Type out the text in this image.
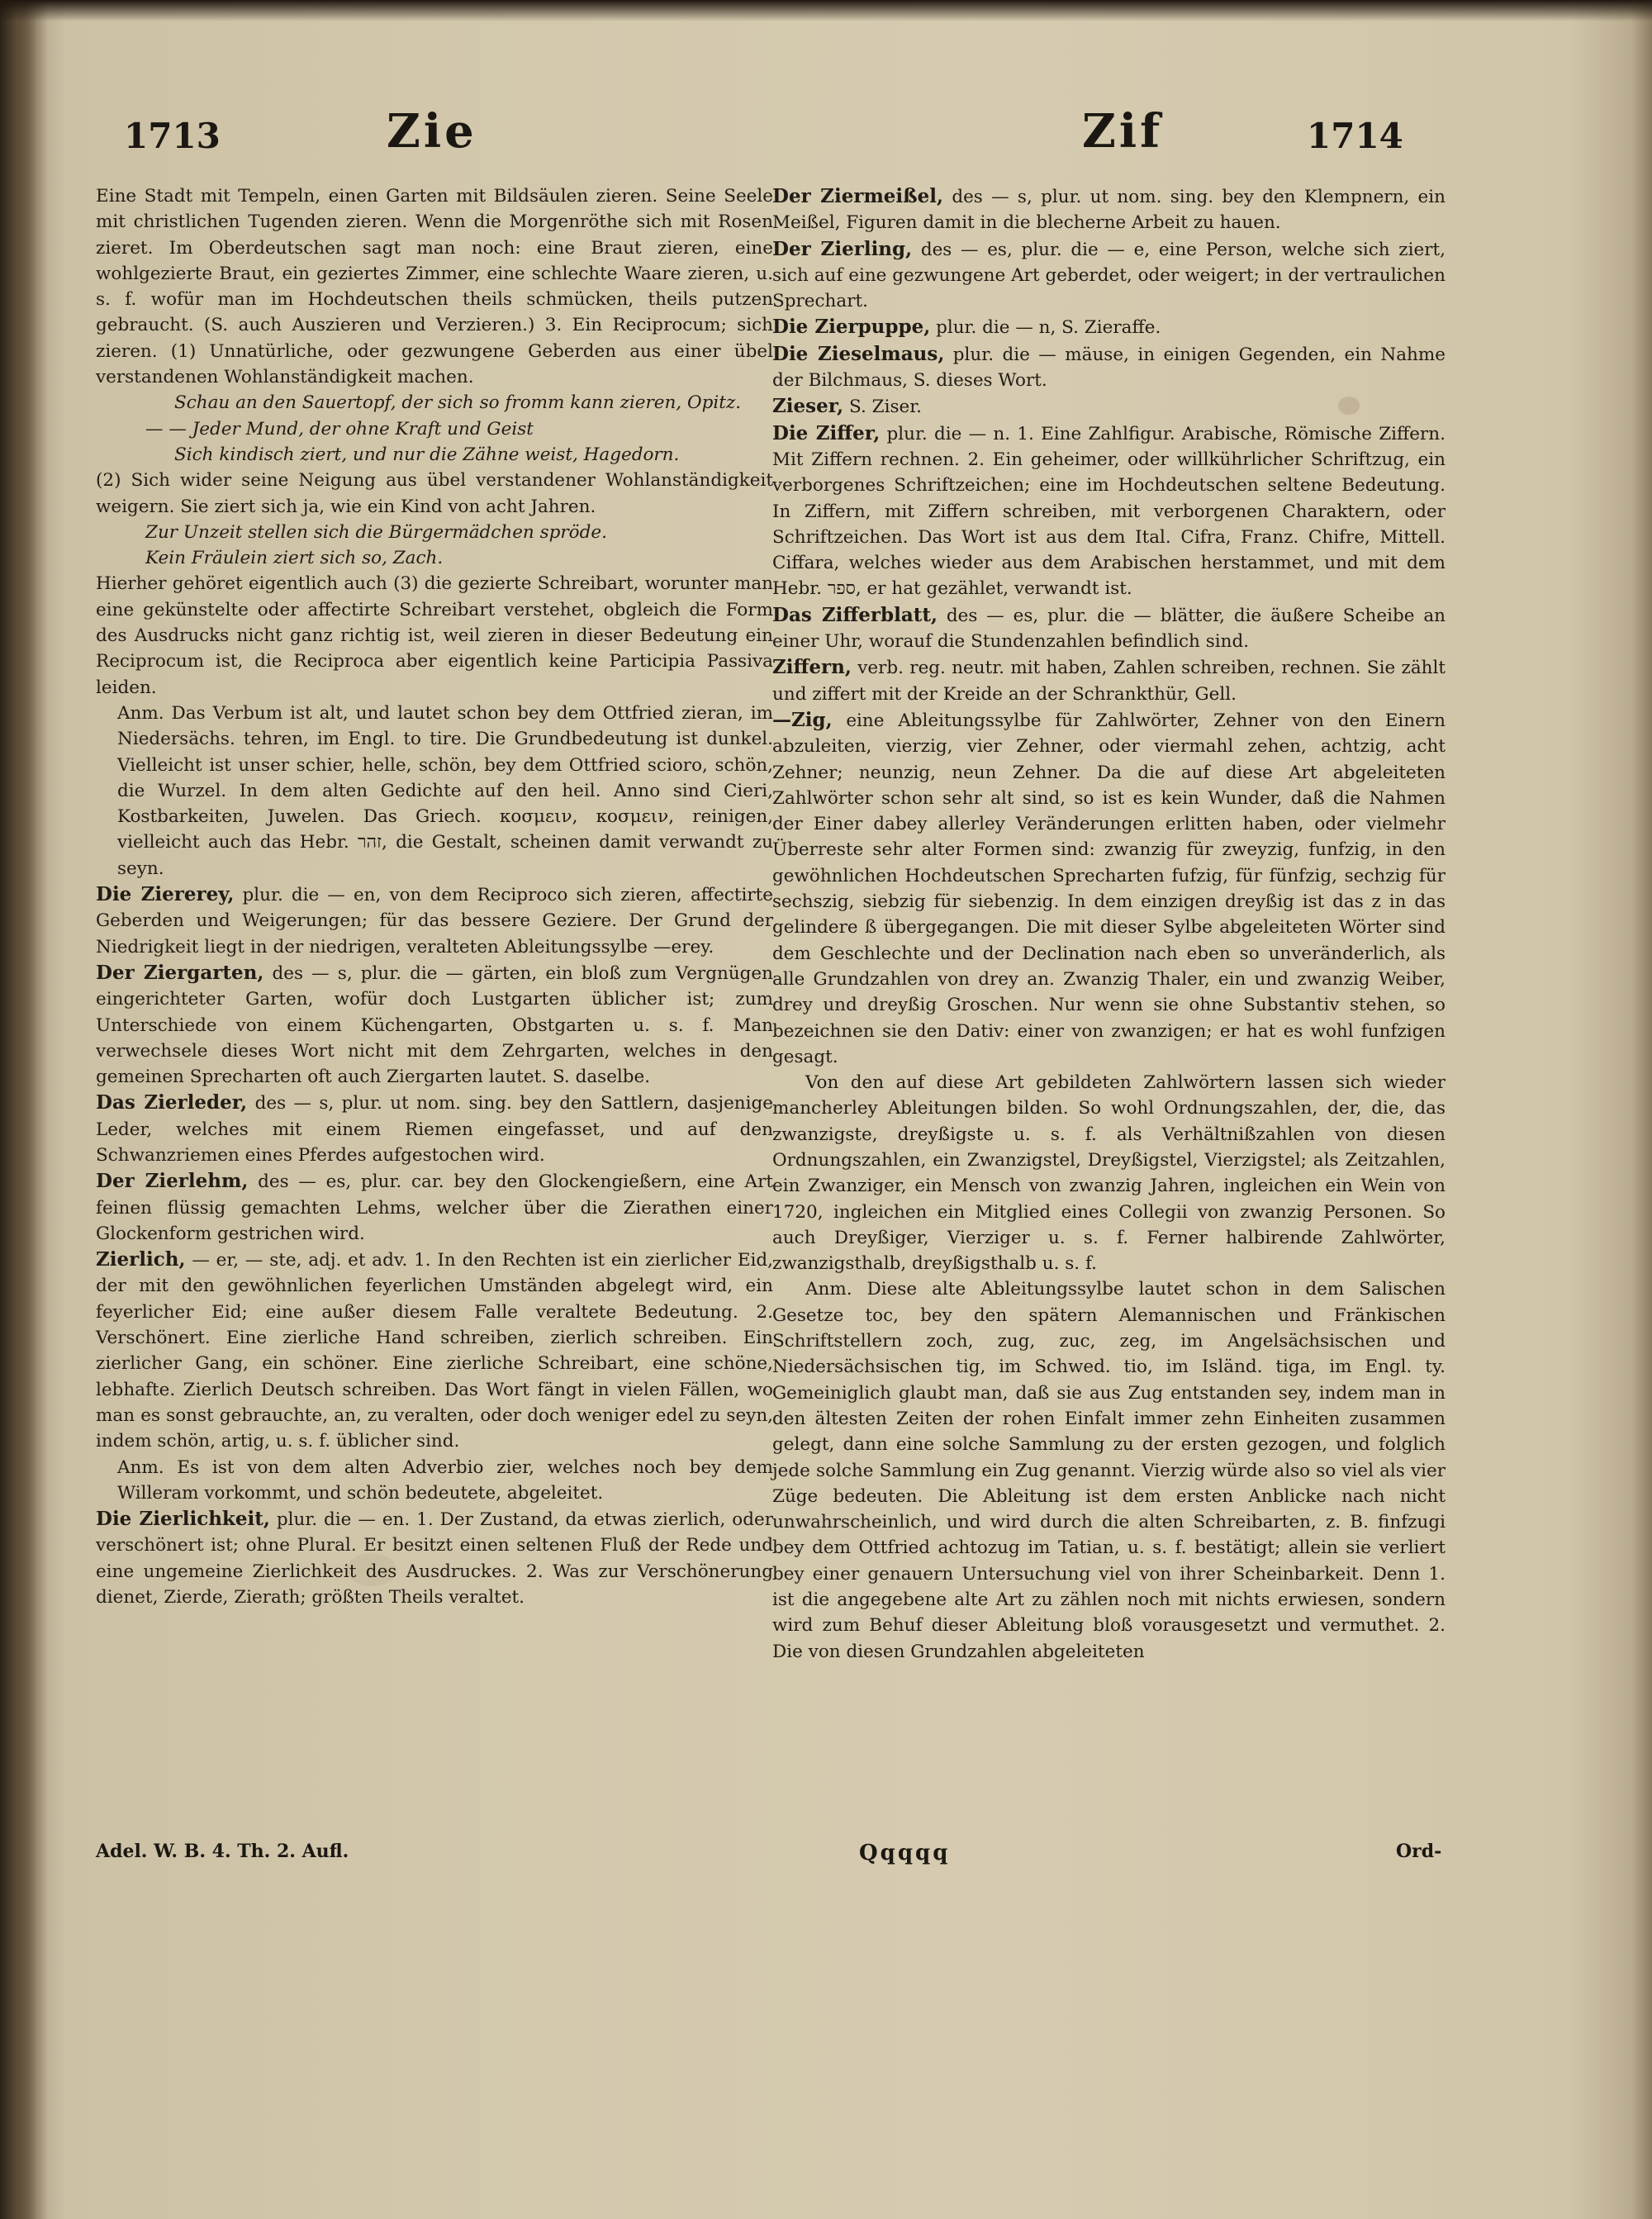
1713	Zie	Zif	1714

Eine Stadt mit Tempeln, einen Garten mit Bildsäulen zieren. Seine Seele mit christlichen Tugenden zieren. Wenn die Morgenröthe sich mit Rosen zieret. Im Oberdeutschen sagt man noch: eine Braut zieren, eine wohlgezierte Braut, ein geziertes Zimmer, eine schlechte Waare zieren, u. s. f. wofür man im Hochdeutschen theils schmücken, theils putzen gebraucht. (S. auch Auszieren und Verzieren.) 3. Ein Reciprocum; sich zieren. (1) Unnatürliche, oder gezwungene Geberden aus einer übel verstandenen Wohlanständigkeit machen.

Schau an den Sauertopf, der sich so fromm kann zieren, Opitz.

— — Jeder Mund, der ohne Kraft und Geist

Sich kindisch ziert, und nur die Zähne weist, Hagedorn.

(2) Sich wider seine Neigung aus übel verstandener Wohlanständigkeit weigern. Sie ziert sich ja, wie ein Kind von acht Jahren.

Zur Unzeit stellen sich die Bürgermädchen spröde.

Kein Fräulein ziert sich so, Zach.

Hierher gehöret eigentlich auch (3) die gezierte Schreibart, worunter man eine gekünstelte oder affectirte Schreibart verstehet, obgleich die Form des Ausdrucks nicht ganz richtig ist, weil zieren in dieser Bedeutung ein Reciprocum ist, die Reciproca aber eigentlich keine Participia Passiva leiden.

Anm. Das Verbum ist alt, und lautet schon bey dem Ottfried zieran, im Niedersächs. tehren, im Engl. to tire. Die Grundbedeutung ist dunkel. Vielleicht ist unser schier, helle, schön, bey dem Ottfried scioro, schön, die Wurzel. In dem alten Gedichte auf den heil. Anno sind Cieri, Kostbarkeiten, Juwelen. Das Griech. κοσμειν, κοσμειν, reinigen, vielleicht auch das Hebr. זהר, die Gestalt, scheinen damit verwandt zu seyn.

Die Ziererey, plur. die — en, von dem Reciproco sich zieren, affectirte Geberden und Weigerungen; für das bessere Geziere. Der Grund der Niedrigkeit liegt in der niedrigen, veralteten Ableitungssylbe —erey.

Der Ziergarten, des — s, plur. die — gärten, ein bloß zum Vergnügen eingerichteter Garten, wofür doch Lustgarten üblicher ist; zum Unterschiede von einem Küchengarten, Obstgarten u. s. f. Man verwechsele dieses Wort nicht mit dem Zehrgarten, welches in den gemeinen Sprecharten oft auch Ziergarten lautet. S. daselbe.

Das Zierleder, des — s, plur. ut nom. sing. bey den Sattlern, dasjenige Leder, welches mit einem Riemen eingefasset, und auf den Schwanzriemen eines Pferdes aufgestochen wird.

Der Zierlehm, des — es, plur. car. bey den Glockengießern, eine Art feinen flüssig gemachten Lehms, welcher über die Zierathen einer Glockenform gestrichen wird.

Zierlich, — er, — ste, adj. et adv. 1. In den Rechten ist ein zierlicher Eid, der mit den gewöhnlichen feyerlichen Umständen abgelegt wird, ein feyerlicher Eid; eine außer diesem Falle veraltete Bedeutung. 2. Verschönert. Eine zierliche Hand schreiben, zierlich schreiben. Ein zierlicher Gang, ein schöner. Eine zierliche Schreibart, eine schöne, lebhafte. Zierlich Deutsch schreiben. Das Wort fängt in vielen Fällen, wo man es sonst gebrauchte, an, zu veralten, oder doch weniger edel zu seyn, indem schön, artig, u. s. f. üblicher sind.

Anm. Es ist von dem alten Adverbio zier, welches noch bey dem Willeram vorkommt, und schön bedeutete, abgeleitet.

Die Zierlichkeit, plur. die — en. 1. Der Zustand, da etwas zierlich, oder verschönert ist; ohne Plural. Er besitzt einen seltenen Fluß der Rede und eine ungemeine Zierlichkeit des Ausdruckes. 2. Was zur Verschönerung dienet, Zierde, Zierath; größten Theils veraltet.

Der Ziermeißel, des — s, plur. ut nom. sing. bey den Klempnern, ein Meißel, Figuren damit in die blecherne Arbeit zu hauen.

Der Zierling, des — es, plur. die — e, eine Person, welche sich ziert, sich auf eine gezwungene Art geberdet, oder weigert; in der vertraulichen Sprechart.

Die Zierpuppe, plur. die — n, S. Zieraffe.

Die Zieselmaus, plur. die — mäuse, in einigen Gegenden, ein Nahme der Bilchmaus, S. dieses Wort.

Zieser, S. Ziser.

Die Ziffer, plur. die — n. 1. Eine Zahlfigur. Arabische, Römische Ziffern. Mit Ziffern rechnen. 2. Ein geheimer, oder willkührlicher Schriftzug, ein verborgenes Schriftzeichen; eine im Hochdeutschen seltene Bedeutung. In Ziffern, mit Ziffern schreiben, mit verborgenen Charaktern, oder Schriftzeichen. Das Wort ist aus dem Ital. Cifra, Franz. Chifre, Mittell. Ciffara, welches wieder aus dem Arabischen herstammet, und mit dem Hebr. ספר, er hat gezählet, verwandt ist.

Das Zifferblatt, des — es, plur. die — blätter, die äußere Scheibe an einer Uhr, worauf die Stundenzahlen befindlich sind.

Ziffern, verb. reg. neutr. mit haben, Zahlen schreiben, rechnen. Sie zählt und ziffert mit der Kreide an der Schrankthür, Gell.

—Zig, eine Ableitungssylbe für Zahlwörter, Zehner von den Einern abzuleiten, vierzig, vier Zehner, oder viermahl zehen, achtzig, acht Zehner; neunzig, neun Zehner. Da die auf diese Art abgeleiteten Zahlwörter schon sehr alt sind, so ist es kein Wunder, daß die Nahmen der Einer dabey allerley Veränderungen erlitten haben, oder vielmehr Überreste sehr alter Formen sind: zwanzig für zweyzig, funfzig, in den gewöhnlichen Hochdeutschen Sprecharten fufzig, für fünfzig, sechzig für sechszig, siebzig für siebenzig. In dem einzigen dreyßig ist das z in das gelindere ß übergegangen. Die mit dieser Sylbe abgeleiteten Wörter sind dem Geschlechte und der Declination nach eben so unveränderlich, als alle Grundzahlen von drey an. Zwanzig Thaler, ein und zwanzig Weiber, drey und dreyßig Groschen. Nur wenn sie ohne Substantiv stehen, so bezeichnen sie den Dativ: einer von zwanzigen; er hat es wohl funfzigen gesagt.

Von den auf diese Art gebildeten Zahlwörtern lassen sich wieder mancherley Ableitungen bilden. So wohl Ordnungszahlen, der, die, das zwanzigste, dreyßigste u. s. f. als Verhältnißzahlen von diesen Ordnungszahlen, ein Zwanzigstel, Dreyßigstel, Vierzigstel; als Zeitzahlen, ein Zwanziger, ein Mensch von zwanzig Jahren, ingleichen ein Wein von 1720, ingleichen ein Mitglied eines Collegii von zwanzig Personen. So auch Dreyßiger, Vierziger u. s. f. Ferner halbirende Zahlwörter, zwanzigsthalb, dreyßigsthalb u. s. f.

Anm. Diese alte Ableitungssylbe lautet schon in dem Salischen Gesetze toc, bey den spätern Alemannischen und Fränkischen Schriftstellern zoch, zug, zuc, zeg, im Angelsächsischen und Niedersächsischen tig, im Schwed. tio, im Isländ. tiga, im Engl. ty. Gemeiniglich glaubt man, daß sie aus Zug entstanden sey, indem man in den ältesten Zeiten der rohen Einfalt immer zehn Einheiten zusammen gelegt, dann eine solche Sammlung zu der ersten gezogen, und folglich jede solche Sammlung ein Zug genannt. Vierzig würde also so viel als vier Züge bedeuten. Die Ableitung ist dem ersten Anblicke nach nicht unwahrscheinlich, und wird durch die alten Schreibarten, z. B. finfzugi bey dem Ottfried achtozug im Tatian, u. s. f. bestätigt; allein sie verliert bey einer genauern Untersuchung viel von ihrer Scheinbarkeit. Denn 1. ist die angegebene alte Art zu zählen noch mit nichts erwiesen, sondern wird zum Behuf dieser Ableitung bloß vorausgesetzt und vermuthet. 2. Die von diesen Grundzahlen abgeleiteten

Adel. W. B. 4. Th. 2. Aufl.	Qqqqq	Ord-
